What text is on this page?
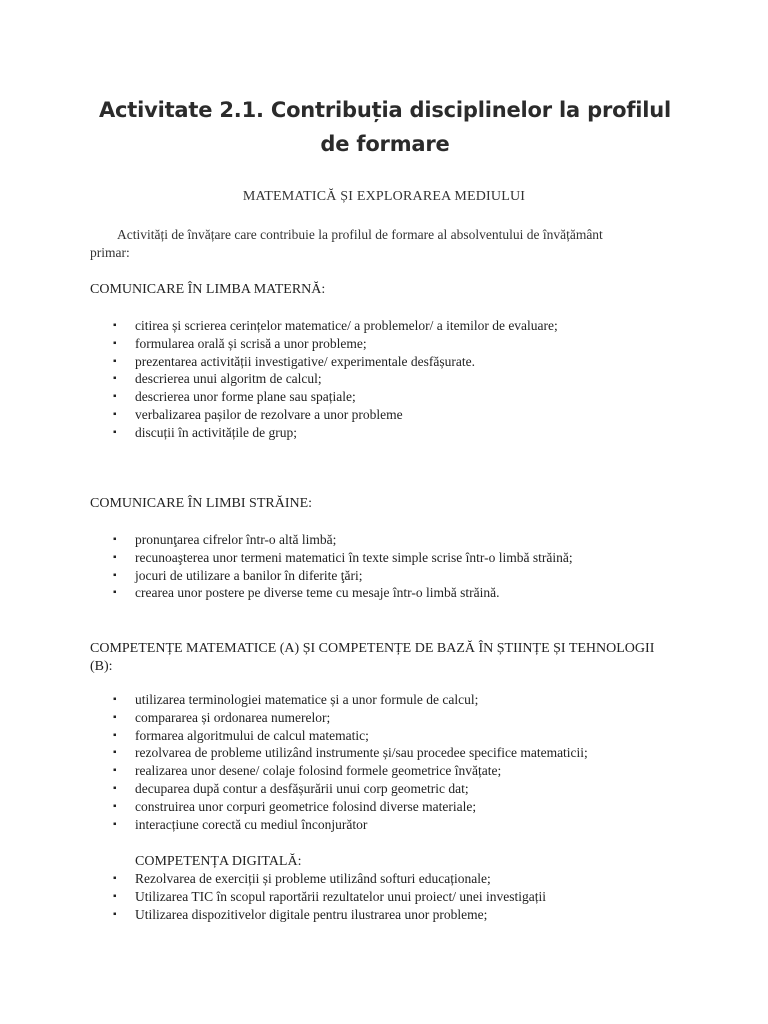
Activitate 2.1. Contribuția disciplinelor la profilul de formare
MATEMATICĂ ȘI EXPLORAREA MEDIULUI
Activități de învățare care contribuie la profilul de formare al absolventului de învățământ
primar:
COMUNICARE ÎN LIMBA MATERNĂ:
▪ citirea și scrierea cerințelor matematice/ a problemelor/ a itemilor de evaluare;
▪ formularea orală și scrisă a unor probleme;
▪ prezentarea activității investigative/ experimentale desfășurate.
▪ descrierea unui algoritm de calcul;
▪ descrierea unor forme plane sau spațiale;
▪ verbalizarea pașilor de rezolvare a unor probleme
▪ discuții în activitățile de grup;
COMUNICARE ÎN LIMBI STRĂINE:
▪ pronunţarea cifrelor într-o altă limbă;
▪ recunoaşterea unor termeni matematici în texte simple scrise într-o limbă străină;
▪ jocuri de utilizare a banilor în diferite ţări;
▪ crearea unor postere pe diverse teme cu mesaje într-o limbă străină.
COMPETENȚE MATEMATICE (A) ȘI COMPETENȚE DE BAZĂ ÎN ȘTIINȚE ȘI TEHNOLOGII (B):
▪ utilizarea terminologiei matematice și a unor formule de calcul;
▪ compararea și ordonarea numerelor;
▪ formarea algoritmului de calcul matematic;
▪ rezolvarea de probleme utilizând instrumente și/sau procedee specifice matematicii;
▪ realizarea unor desene/ colaje folosind formele geometrice învățate;
▪ decuparea după contur a desfășurării unui corp geometric dat;
▪ construirea unor corpuri geometrice folosind diverse materiale;
▪ interacțiune corectă cu mediul înconjurător
COMPETENȚA DIGITALĂ:
▪ Rezolvarea de exerciții și probleme utilizând softuri educaționale;
▪ Utilizarea TIC în scopul raportării rezultatelor unui proiect/ unei investigații
▪ Utilizarea dispozitivelor digitale pentru ilustrarea unor probleme;
